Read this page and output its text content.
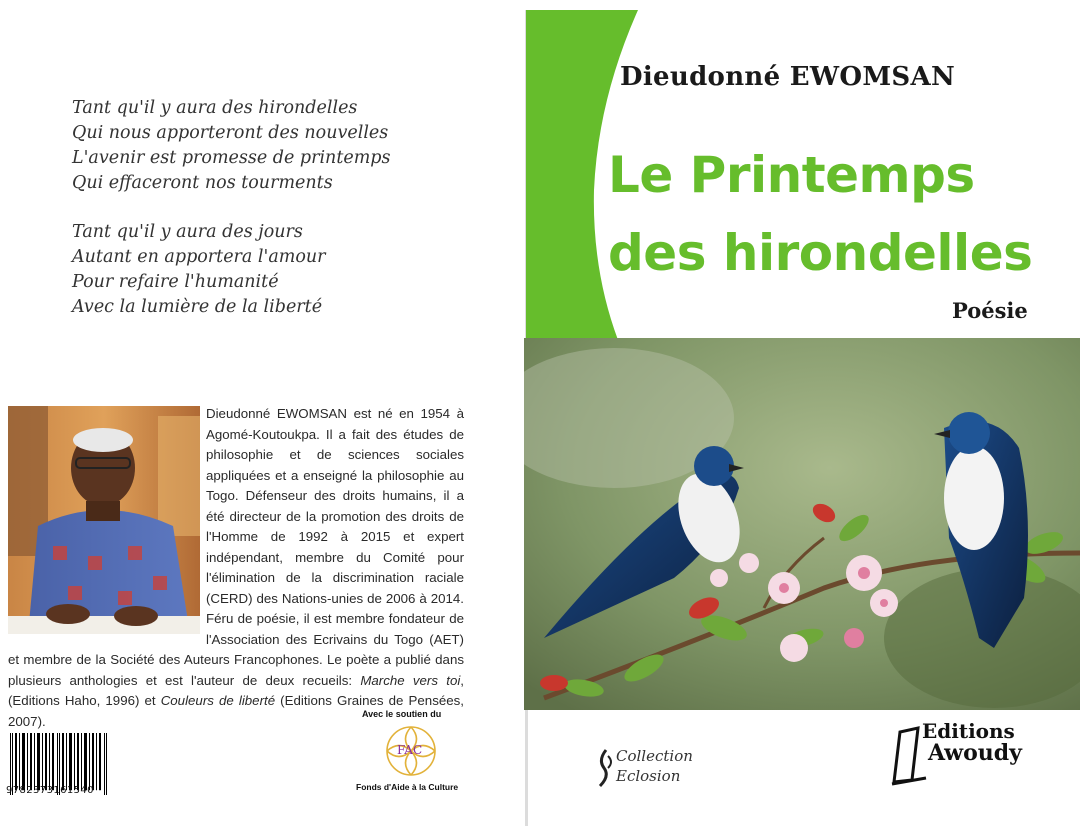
Tant qu'il y aura des hirondelles
Qui nous apporteront des nouvelles
L'avenir est promesse de printemps
Qui effaceront nos tourments
Tant qu'il y aura des jours
Autant en apportera l'amour
Pour refaire l'humanité
Avec la lumière de la liberté
Dieudonné EWOMSAN est né en 1954 à Agomé-Koutoukpa. Il a fait des études de philosophie et de sciences sociales appliquées et a enseigné la philosophie au Togo. Défenseur des droits humains, il a été directeur de la promotion des droits de l'Homme de 1992 à 2015 et expert indépendant, membre du Comité pour l'élimination de la discrimination raciale (CERD) des Nations-unies de 2006 à 2014. Féru de poésie, il est membre fondateur de l'Association des Ecrivains du Togo (AET) et membre de la Société des Auteurs Francophones. Le poète a publié dans plusieurs anthologies et est l'auteur de deux recueils: Marche vers toi, (Editions Haho, 1996) et Couleurs de liberté (Editions Graines de Pensées, 2007).
9782373161540
Avec le soutien du
FAC
Fonds d'Aide à la Culture
Dieudonné EWOMSAN
Le Printemps
des hirondelles
Poésie
Collection
Eclosion
Editions
Awoudy
